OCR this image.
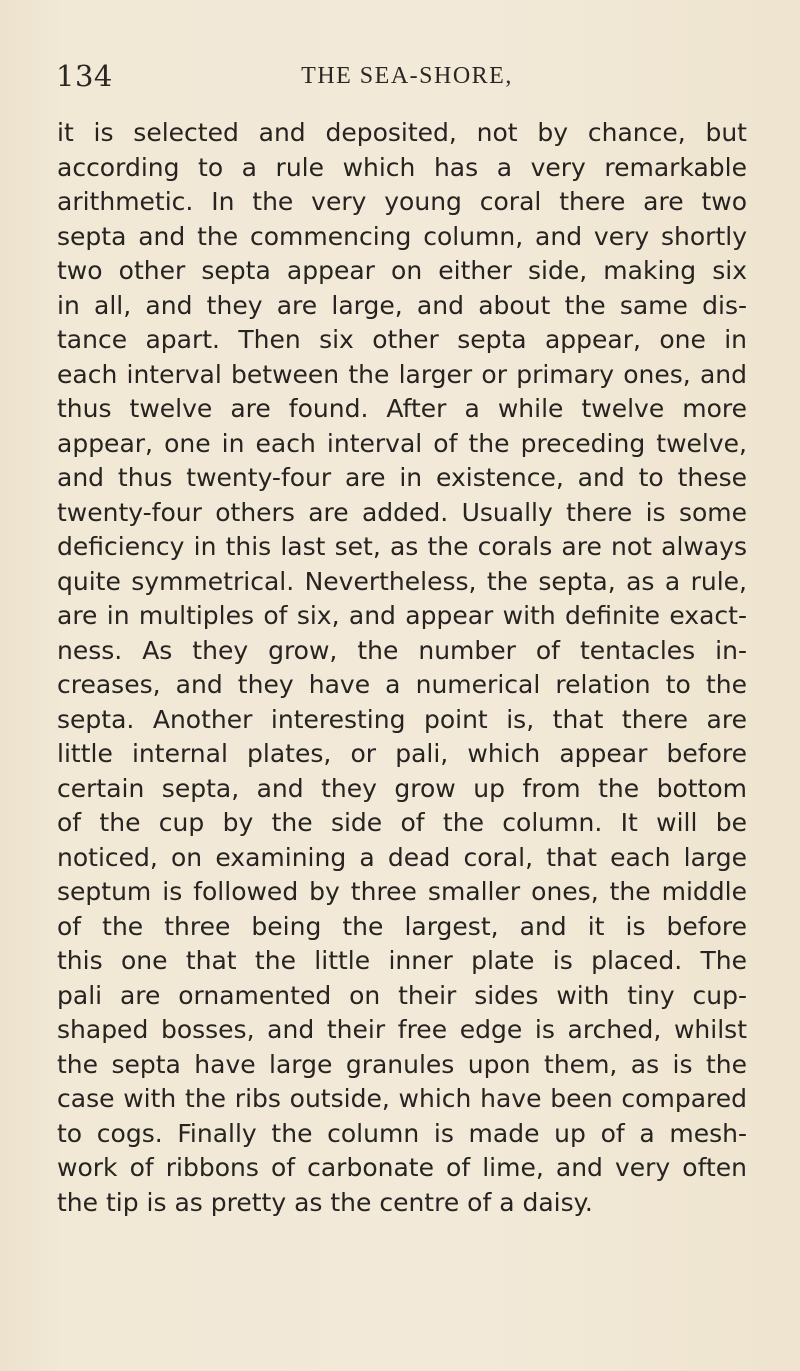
134	THE SEA-SHORE,
it is selected and deposited, not by chance, but
according to a rule which has a very remarkable
arithmetic. In the very young coral there are two
septa and the commencing column, and very shortly
two other septa appear on either side, making six
in all, and they are large, and about the same dis-
tance apart. Then six other septa appear, one in
each interval between the larger or primary ones, and
thus twelve are found. After a while twelve more
appear, one in each interval of the preceding twelve,
and thus twenty-four are in existence, and to these
twenty-four others are added. Usually there is some
deficiency in this last set, as the corals are not always
quite symmetrical. Nevertheless, the septa, as a rule,
are in multiples of six, and appear with definite exact-
ness. As they grow, the number of tentacles in-
creases, and they have a numerical relation to the
septa. Another interesting point is, that there are
little internal plates, or pali, which appear before
certain septa, and they grow up from the bottom
of the cup by the side of the column. It will be
noticed, on examining a dead coral, that each large
septum is followed by three smaller ones, the middle
of the three being the largest, and it is before
this one that the little inner plate is placed. The
pali are ornamented on their sides with tiny cup-
shaped bosses, and their free edge is arched, whilst
the septa have large granules upon them, as is the
case with the ribs outside, which have been compared
to cogs. Finally the column is made up of a mesh-
work of ribbons of carbonate of lime, and very often
the tip is as pretty as the centre of a daisy.
